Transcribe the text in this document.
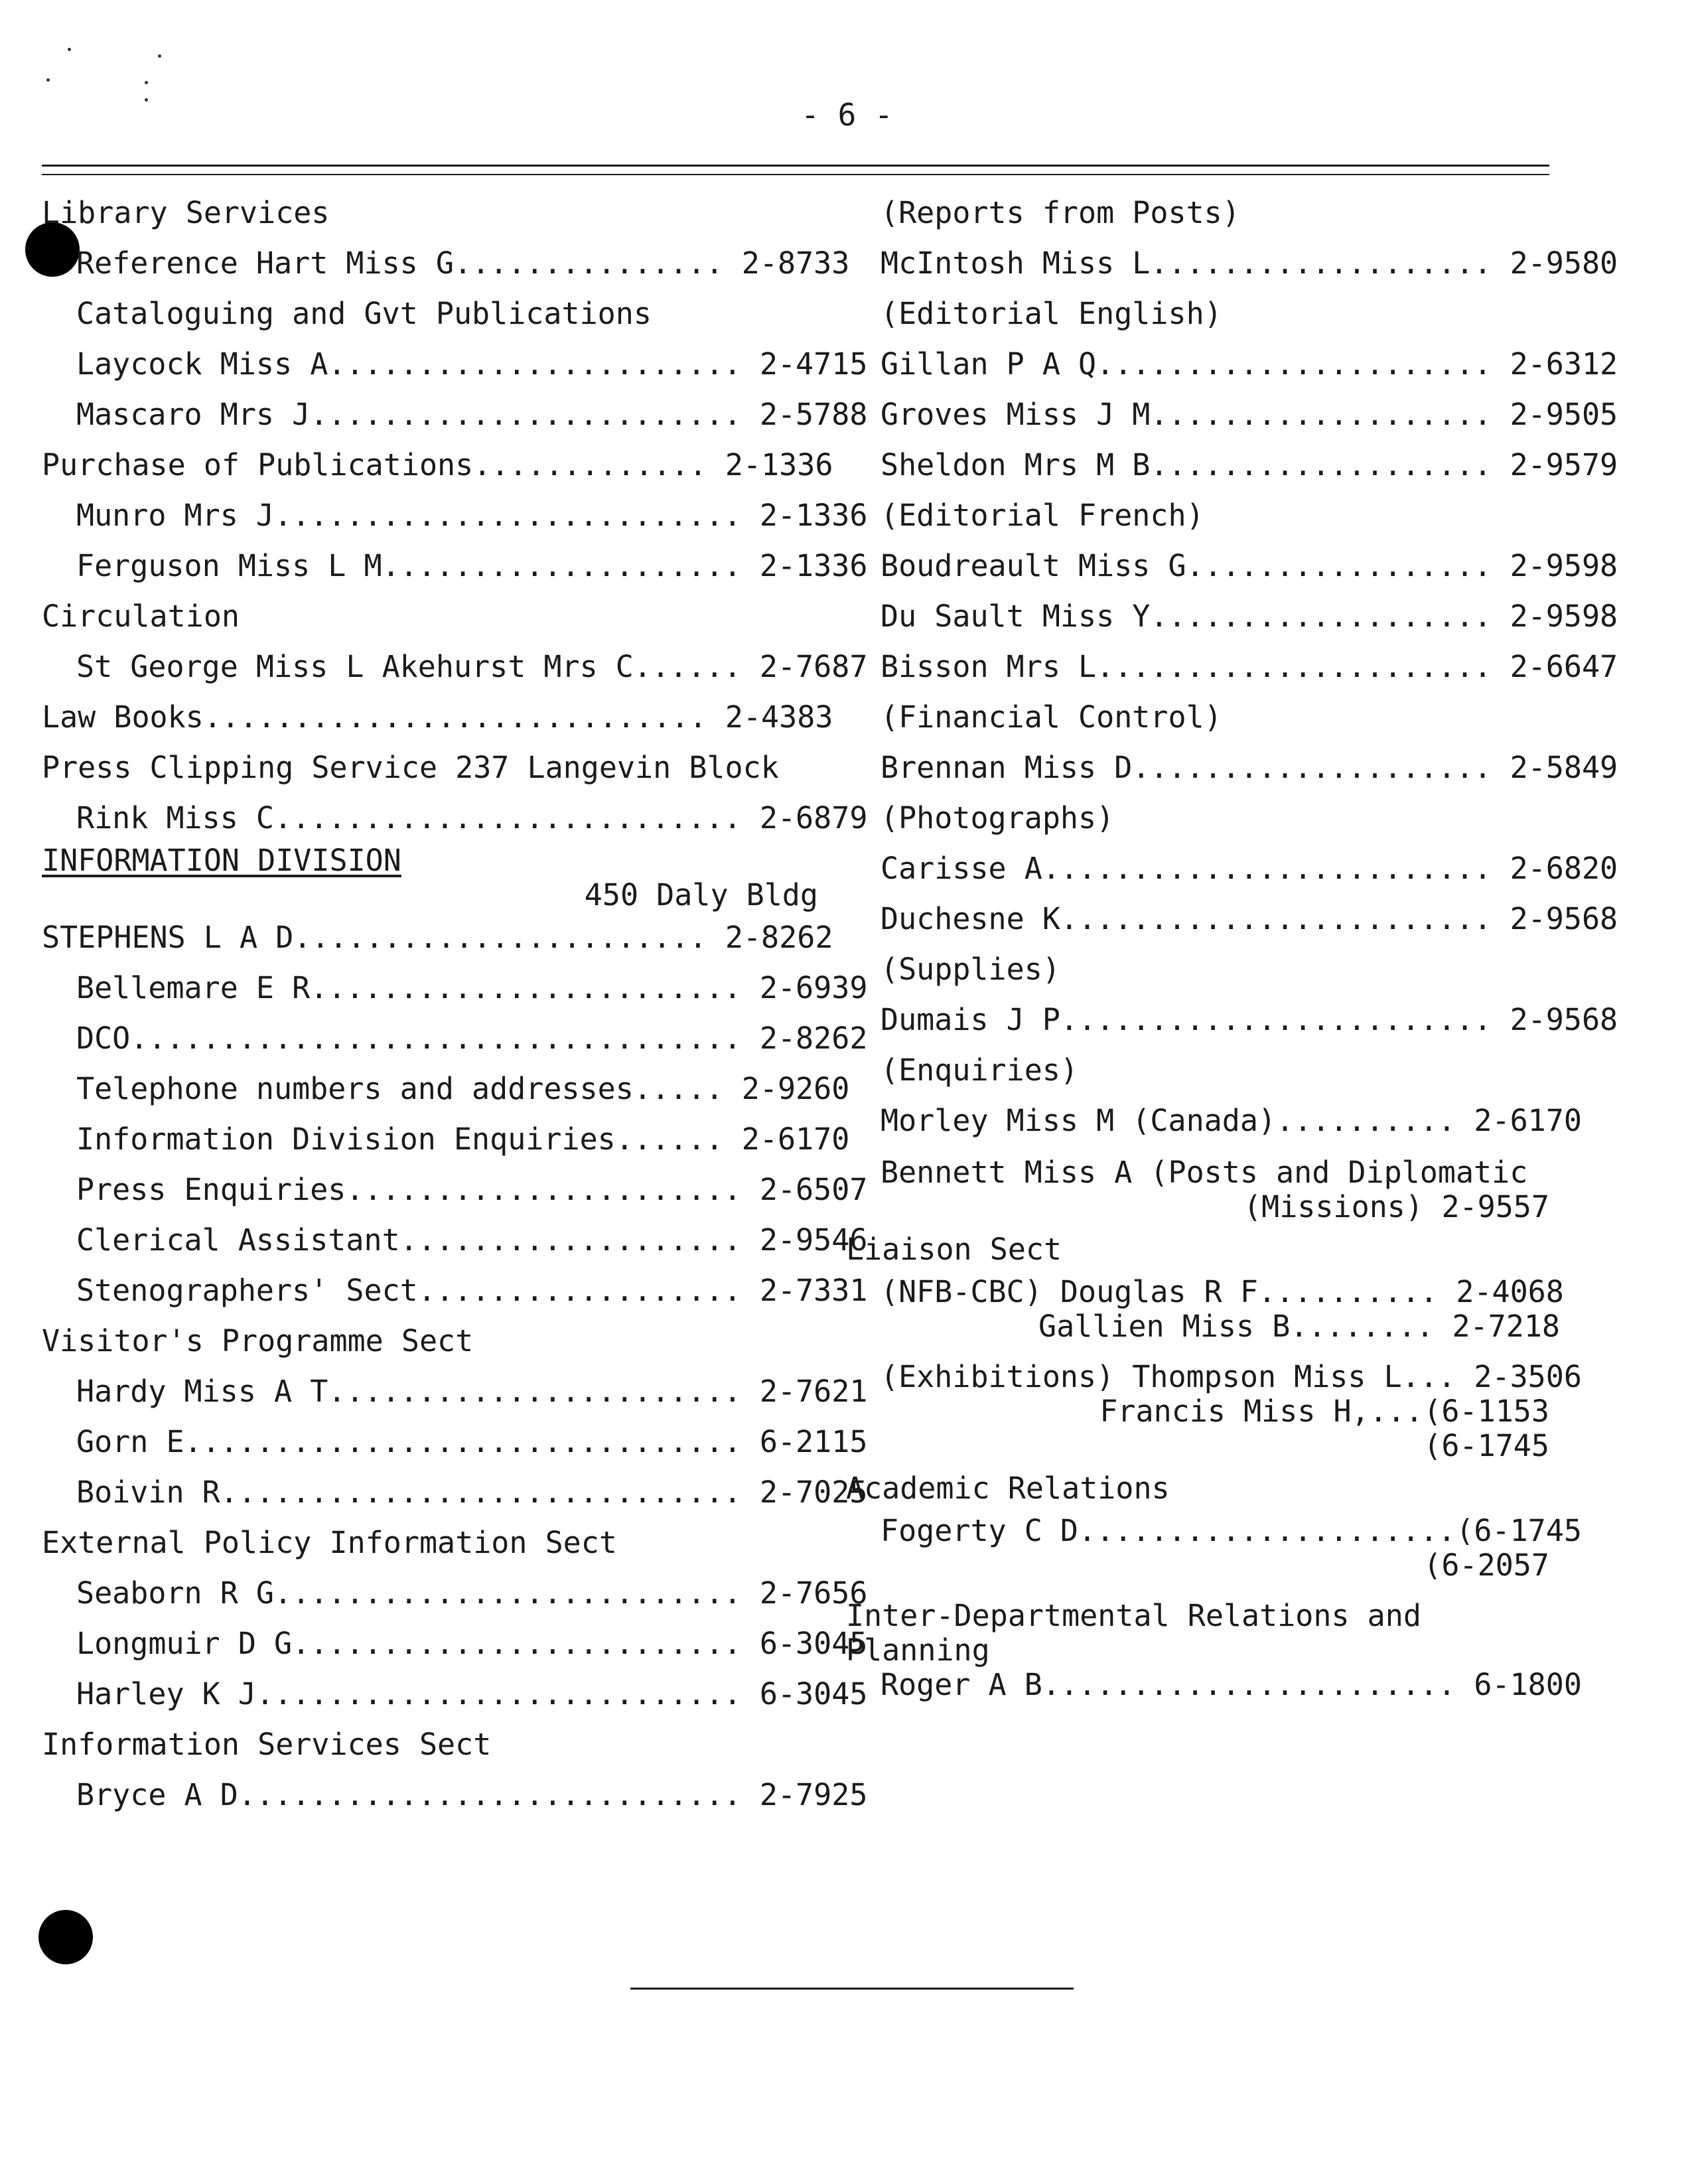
- 6 -
Library Services
Reference Hart Miss G............... 2-8733
Cataloguing and Gvt Publications
Laycock Miss A....................... 2-4715
Mascaro Mrs J........................ 2-5788
Purchase of Publications............. 2-1336
Munro Mrs J.......................... 2-1336
Ferguson Miss L M.................... 2-1336
Circulation
St George Miss L Akehurst Mrs C...... 2-7687
Law Books............................ 2-4383
Press Clipping Service 237 Langevin Block
Rink Miss C.......................... 2-6879
INFORMATION DIVISION
450 Daly Bldg
STEPHENS L A D....................... 2-8262
Bellemare E R........................ 2-6939
DCO.................................. 2-8262
Telephone numbers and addresses..... 2-9260
Information Division Enquiries...... 2-6170
Press Enquiries...................... 2-6507
Clerical Assistant................... 2-9546
Stenographers' Sect.................. 2-7331
Visitor's Programme Sect
Hardy Miss A T....................... 2-7621
Gorn E............................... 6-2115
Boivin R............................. 2-7025
External Policy Information Sect
Seaborn R G.......................... 2-7656
Longmuir D G......................... 6-3045
Harley K J........................... 6-3045
Information Services Sect
Bryce A D............................ 2-7925
(Reports from Posts)
McIntosh Miss L................... 2-9580
(Editorial English)
Gillan P A Q...................... 2-6312
Groves Miss J M................... 2-9505
Sheldon Mrs M B................... 2-9579
(Editorial French)
Boudreault Miss G................. 2-9598
Du Sault Miss Y................... 2-9598
Bisson Mrs L...................... 2-6647
(Financial Control)
Brennan Miss D.................... 2-5849
(Photographs)
Carisse A......................... 2-6820
Duchesne K........................ 2-9568
(Supplies)
Dumais J P........................ 2-9568
(Enquiries)
Morley Miss M (Canada).......... 2-6170
Bennett Miss A (Posts and Diplomatic
(Missions) 2-9557
Liaison Sect
(NFB-CBC) Douglas R F.......... 2-4068
Gallien Miss B........ 2-7218
(Exhibitions) Thompson Miss L... 2-3506
Francis Miss H,... (6-1153
(6-1745
Academic Relations
Fogerty C D..................... (6-1745
(6-2057
Inter-Departmental Relations and
Planning
Roger A B....................... 6-1800
